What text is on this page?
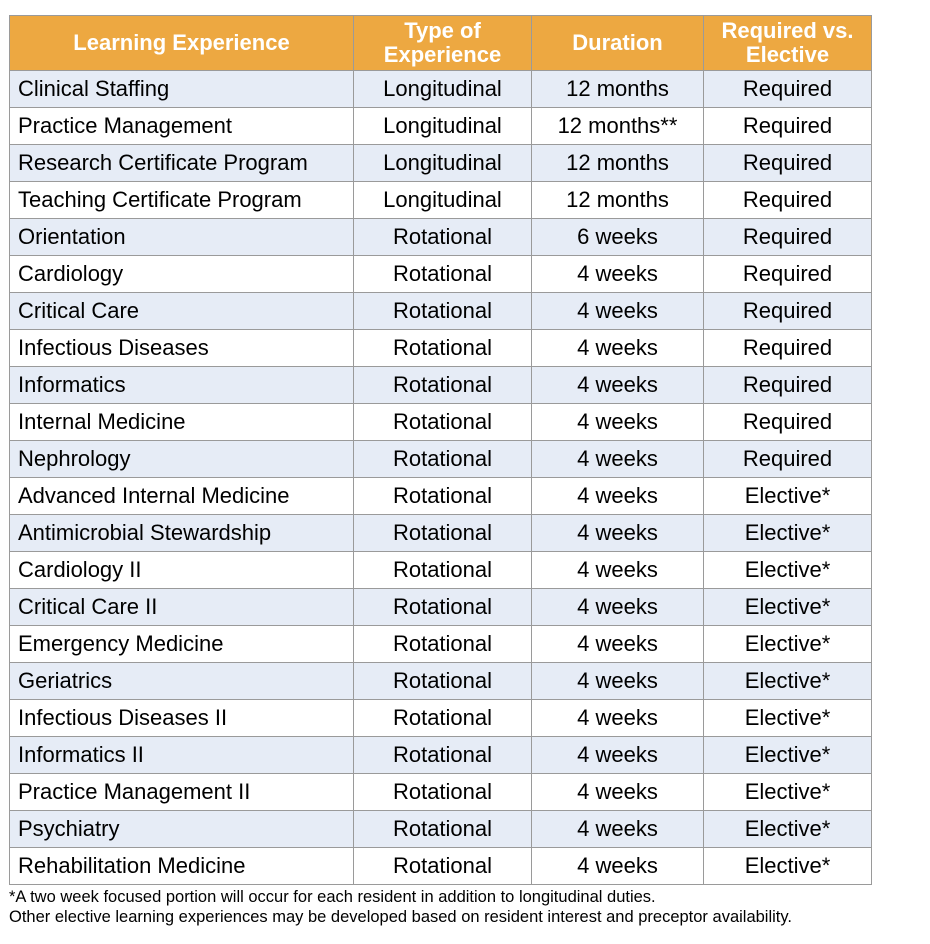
Learning Experience	Type of Experience	Duration	Required vs. Elective
Clinical Staffing	Longitudinal	12 months	Required
Practice Management	Longitudinal	12 months**	Required
Research Certificate Program	Longitudinal	12 months	Required
Teaching Certificate Program	Longitudinal	12 months	Required
Orientation	Rotational	6 weeks	Required
Cardiology	Rotational	4 weeks	Required
Critical Care	Rotational	4 weeks	Required
Infectious Diseases	Rotational	4 weeks	Required
Informatics	Rotational	4 weeks	Required
Internal Medicine	Rotational	4 weeks	Required
Nephrology	Rotational	4 weeks	Required
Advanced Internal Medicine	Rotational	4 weeks	Elective*
Antimicrobial Stewardship	Rotational	4 weeks	Elective*
Cardiology II	Rotational	4 weeks	Elective*
Critical Care II	Rotational	4 weeks	Elective*
Emergency Medicine	Rotational	4 weeks	Elective*
Geriatrics	Rotational	4 weeks	Elective*
Infectious Diseases II	Rotational	4 weeks	Elective*
Informatics II	Rotational	4 weeks	Elective*
Practice Management II	Rotational	4 weeks	Elective*
Psychiatry	Rotational	4 weeks	Elective*
Rehabilitation Medicine	Rotational	4 weeks	Elective*
*A two week focused portion will occur for each resident in addition to longitudinal duties.
Other elective learning experiences may be developed based on resident interest and preceptor availability.
